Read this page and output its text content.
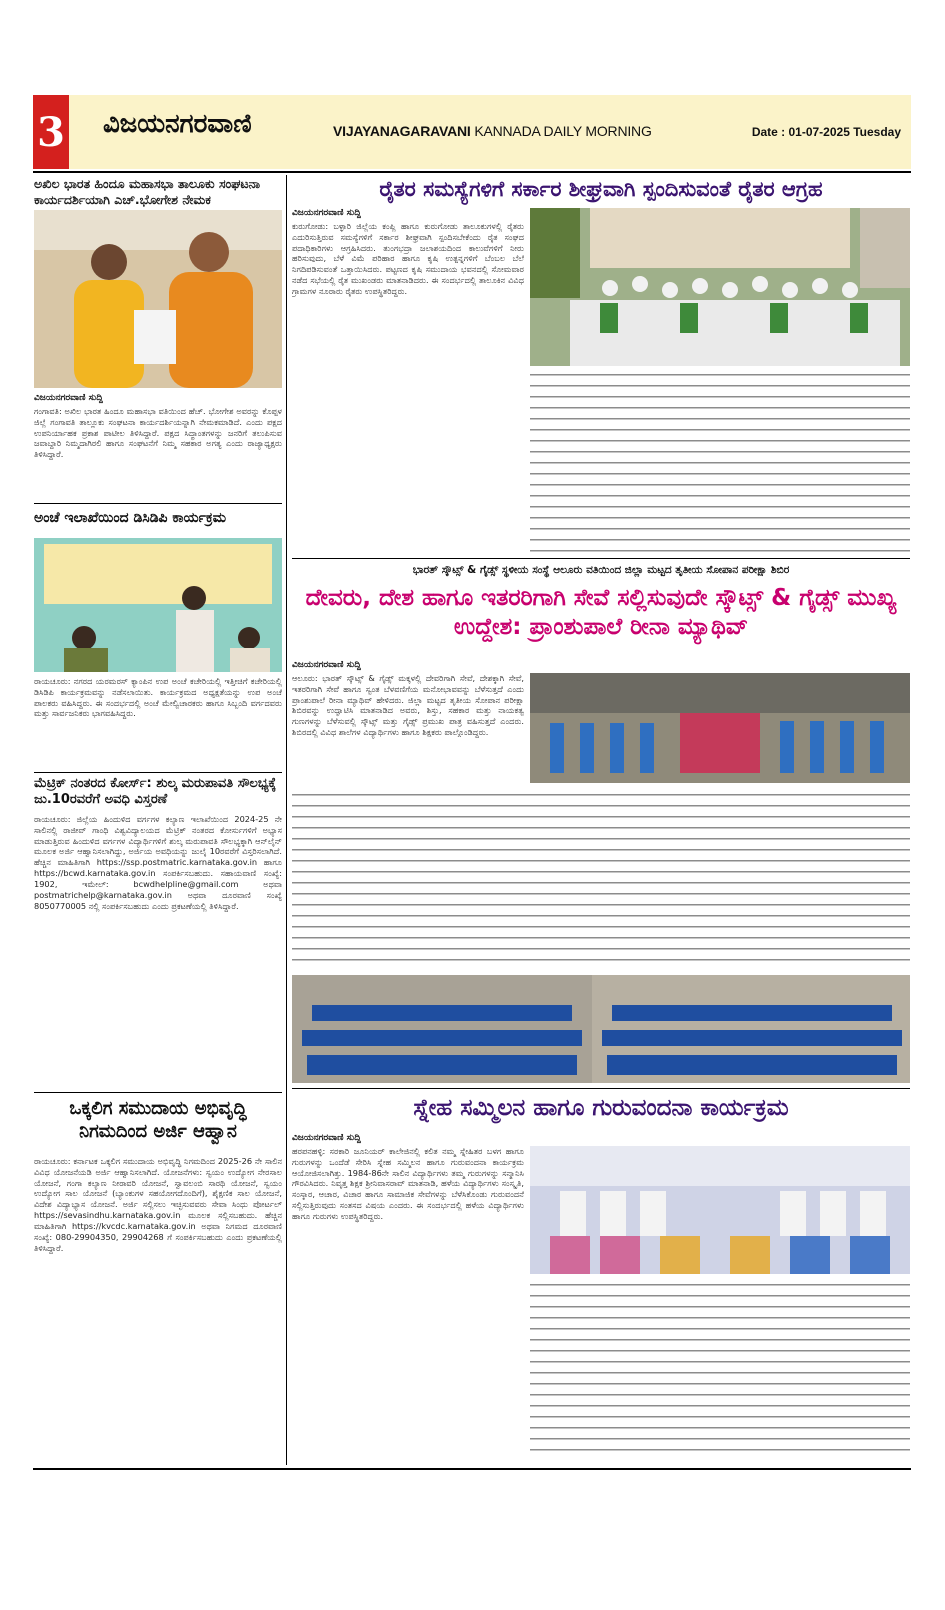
3 ವಿಜಯನಗರವಾಣಿ	VIJAYANAGARAVANI KANNADA DAILY MORNING	Date : 01-07-2025 Tuesday
ಅಖಿಲ ಭಾರತ ಹಿಂದೂ ಮಹಾಸಭಾ ತಾಲೂಕು ಸಂಘಟನಾ ಕಾರ್ಯದರ್ಶಿಯಾಗಿ ಎಚ್.ಭೋಗೇಶ ನೇಮಕ
ವಿಜಯನಗರವಾಣಿ ಸುದ್ದಿ
ಗಂಗಾವತಿ: ಅಖಿಲ ಭಾರತ ಹಿಂದೂ ಮಹಾಸಭಾ ವತಿಯಿಂದ ಹೆಚ್. ಭೋಗೇಶ ಅವರನ್ನು ಕೊಪ್ಪಳ ಜಿಲ್ಲೆ ಗಂಗಾವತಿ ತಾಲ್ಲೂಕು ಸಂಘಟನಾ ಕಾರ್ಯದರ್ಶಿಯನ್ನಾಗಿ ನೇಮಕಮಾಡಿದೆ. ಎಂದು ಪಕ್ಷದ ಉಪನಿರ್ಯಾಹಕ ಪ್ರಕಾಶ ಪಾಟೀಲ ತಿಳಿಸಿದ್ದಾರೆ. ಪಕ್ಷದ ಸಿದ್ಧಾಂತಗಳನ್ನು ಜನರಿಗೆ ತಲುಪಿಸುವ ಜವಾಬ್ದಾರಿ ನಿಮ್ಮದಾಗಿರಲಿ ಹಾಗೂ ಸಂಘಟನೆಗೆ ನಿಮ್ಮ ಸಹಕಾರ ಅಗತ್ಯ ಎಂದು ರಾಜ್ಯಾಧ್ಯಕ್ಷರು ತಿಳಿಸಿದ್ದಾರೆ.
ಅಂಚೆ ಇಲಾಖೆಯಿಂದ ಡಿಸಿಡಿಪಿ ಕಾರ್ಯಕ್ರಮ
ರಾಯಚೂರು: ನಗರದ ಯರಮರಸ್ ಕ್ಯಾಂಪಿನ ಉಪ ಅಂಚೆ ಕಚೇರಿಯಲ್ಲಿ ಇತ್ತೀಚಿಗೆ ಕಚೇರಿಯಲ್ಲಿ ಡಿಸಿಡಿಪಿ ಕಾರ್ಯಕ್ರಮವನ್ನು ನಡೆಸಲಾಯಿತು. ಕಾರ್ಯಕ್ರಮದ ಅಧ್ಯಕ್ಷತೆಯನ್ನು ಉಪ ಅಂಚೆ ಪಾಲಕರು ವಹಿಸಿದ್ದರು. ಈ ಸಂದರ್ಭದಲ್ಲಿ ಅಂಚೆ ಮೇಲ್ವಿಚಾರಕರು ಹಾಗೂ ಸಿಬ್ಬಂದಿ ವರ್ಗದವರು ಮತ್ತು ಸಾರ್ವಜನಿಕರು ಭಾಗವಹಿಸಿದ್ದರು.
ಮೆಟ್ರಿಕ್ ನಂತರದ ಕೋರ್ಸ್: ಶುಲ್ಕ ಮರುಪಾವತಿ ಸೌಲಭ್ಯಕ್ಕೆ ಜು.10ರವರೆಗೆ ಅವಧಿ ವಿಸ್ತರಣೆ
ರಾಯಚೂರು: ಜಿಲ್ಲೆಯ ಹಿಂದುಳಿದ ವರ್ಗಗಳ ಕಲ್ಯಾಣ ಇಲಾಖೆಯಿಂದ 2024-25 ನೇ ಸಾಲಿನಲ್ಲಿ ರಾಜೀವ್ ಗಾಂಧಿ ವಿಶ್ವವಿದ್ಯಾಲಯದ ಮೆಟ್ರಿಕ್ ನಂತರದ ಕೋರ್ಸುಗಳಿಗೆ ಅಭ್ಯಾಸ ಮಾಡುತ್ತಿರುವ ಹಿಂದುಳಿದ ವರ್ಗಗಳ ವಿದ್ಯಾರ್ಥಿಗಳಿಗೆ ಶುಲ್ಕ ಮರುಪಾವತಿ ಸೌಲಭ್ಯಕ್ಕಾಗಿ ಆನ್‌ಲೈನ್ ಮೂಲಕ ಅರ್ಜಿ ಆಹ್ವಾನಿಸಲಾಗಿದ್ದು, ಅರ್ಜಿಯ ಅವಧಿಯನ್ನು ಜುಲೈ 10ರವರೆಗೆ ವಿಸ್ತರಿಸಲಾಗಿದೆ. ಹೆಚ್ಚಿನ ಮಾಹಿತಿಗಾಗಿ https://ssp.postmatric.karnataka.gov.in ಹಾಗೂ https://bcwd.karnataka.gov.in ಸಂಪರ್ಕಿಸಬಹುದು. ಸಹಾಯವಾಣಿ ಸಂಖ್ಯೆ: 1902, ಇಮೇಲ್: bcwdhelpline@gmail.com ಅಥವಾ postmatrichelp@karnataka.gov.in ಅಥವಾ ದೂರವಾಣಿ ಸಂಖ್ಯೆ 8050770005 ನಲ್ಲಿ ಸಂಪರ್ಕಿಸಬಹುದು ಎಂದು ಪ್ರಕಟಣೆಯಲ್ಲಿ ತಿಳಿಸಿದ್ದಾರೆ.
ಒಕ್ಕಲಿಗ ಸಮುದಾಯ ಅಭಿವೃದ್ಧಿ ನಿಗಮದಿಂದ ಅರ್ಜಿ ಆಹ್ವಾನ
ರಾಯಚೂರು: ಕರ್ನಾಟಕ ಒಕ್ಕಲಿಗ ಸಮುದಾಯ ಅಭಿವೃದ್ಧಿ ನಿಗಮದಿಂದ 2025-26 ನೇ ಸಾಲಿನ ವಿವಿಧ ಯೋಜನೆಯಡಿ ಅರ್ಜಿ ಆಹ್ವಾನಿಸಲಾಗಿದೆ. ಯೋಜನೆಗಳು: ಸ್ವಯಂ ಉದ್ಯೋಗ ನೇರಸಾಲ ಯೋಜನೆ, ಗಂಗಾ ಕಲ್ಯಾಣ ನೀರಾವರಿ ಯೋಜನೆ, ಸ್ವಾವಲಂಬಿ ಸಾರಥಿ ಯೋಜನೆ, ಸ್ವಯಂ ಉದ್ಯೋಗ ಸಾಲ ಯೋಜನೆ (ಬ್ಯಾಂಕುಗಳ ಸಹಯೋಗದೊಂದಿಗೆ), ಶೈಕ್ಷಣಿಕ ಸಾಲ ಯೋಜನೆ, ವಿದೇಶ ವಿದ್ಯಾಭ್ಯಾಸ ಯೋಜನೆ. ಅರ್ಜಿ ಸಲ್ಲಿಸಲು ಇಚ್ಛಿಸುವವರು ಸೇವಾ ಸಿಂಧು ಪೋರ್ಟಲ್ https://sevasindhu.karnataka.gov.in ಮೂಲಕ ಸಲ್ಲಿಸಬಹುದು. ಹೆಚ್ಚಿನ ಮಾಹಿತಿಗಾಗಿ https://kvcdc.karnataka.gov.in ಅಥವಾ ನಿಗಮದ ದೂರವಾಣಿ ಸಂಖ್ಯೆ: 080-29904350, 29904268 ಗೆ ಸಂಪರ್ಕಿಸಬಹುದು ಎಂದು ಪ್ರಕಟಣೆಯಲ್ಲಿ ತಿಳಿಸಿದ್ದಾರೆ.
ರೈತರ ಸಮಸ್ಯೆಗಳಿಗೆ ಸರ್ಕಾರ ಶೀಘ್ರವಾಗಿ ಸ್ಪಂದಿಸುವಂತೆ ರೈತರ ಆಗ್ರಹ
ವಿಜಯನಗರವಾಣಿ ಸುದ್ದಿ
ಕುರುಗೋಡು: ಬಳ್ಳಾರಿ ಜಿಲ್ಲೆಯ ಕಂಪ್ಲಿ ಹಾಗೂ ಕುರುಗೋಡು ತಾಲೂಕುಗಳಲ್ಲಿ ರೈತರು ಎದುರಿಸುತ್ತಿರುವ ಸಮಸ್ಯೆಗಳಿಗೆ ಸರ್ಕಾರ ಶೀಘ್ರವಾಗಿ ಸ್ಪಂದಿಸಬೇಕೆಂದು ರೈತ ಸಂಘದ ಪದಾಧಿಕಾರಿಗಳು ಆಗ್ರಹಿಸಿದರು. ತುಂಗಭದ್ರಾ ಜಲಾಶಯದಿಂದ ಕಾಲುವೆಗಳಿಗೆ ನೀರು ಹರಿಸುವುದು, ಬೆಳೆ ವಿಮೆ ಪರಿಹಾರ ಹಾಗೂ ಕೃಷಿ ಉತ್ಪನ್ನಗಳಿಗೆ ಬೆಂಬಲ ಬೆಲೆ ನಿಗದಿಪಡಿಸುವಂತೆ ಒತ್ತಾಯಿಸಿದರು. ಪಟ್ಟಣದ ಕೃಷಿ ಸಮುದಾಯ ಭವನದಲ್ಲಿ ಸೋಮವಾರ ನಡೆದ ಸಭೆಯಲ್ಲಿ ರೈತ ಮುಖಂಡರು ಮಾತನಾಡಿದರು. ಈ ಸಂದರ್ಭದಲ್ಲಿ ತಾಲೂಕಿನ ವಿವಿಧ ಗ್ರಾಮಗಳ ನೂರಾರು ರೈತರು ಉಪಸ್ಥಿತರಿದ್ದರು.
ಭಾರತ್ ಸ್ಕೌಟ್ಸ್ & ಗೈಡ್ಸ್ ಸ್ಥಳೀಯ ಸಂಸ್ಥೆ ಆಲೂರು ವತಿಯಿಂದ ಜಿಲ್ಲಾ ಮಟ್ಟದ ತೃತೀಯ ಸೋಪಾನ ಪರೀಕ್ಷಾ ಶಿಬಿರ
ದೇವರು, ದೇಶ ಹಾಗೂ ಇತರರಿಗಾಗಿ ಸೇವೆ ಸಲ್ಲಿಸುವುದೇ ಸ್ಕೌಟ್ಸ್ & ಗೈಡ್ಸ್ ಮುಖ್ಯ ಉದ್ದೇಶ: ಪ್ರಾಂಶುಪಾಲೆ ರೀನಾ ಮ್ಯಾಥಿವ್
ವಿಜಯನಗರವಾಣಿ ಸುದ್ದಿ
ಆಲೂರು: ಭಾರತ್ ಸ್ಕೌಟ್ಸ್ & ಗೈಡ್ಸ್ ಮಕ್ಕಳಲ್ಲಿ ದೇವರಿಗಾಗಿ ಸೇವೆ, ದೇಶಕ್ಕಾಗಿ ಸೇವೆ, ಇತರರಿಗಾಗಿ ಸೇವೆ ಹಾಗೂ ಸ್ವಂತ ಬೆಳವಣಿಗೆಯ ಮನೋಭಾವವನ್ನು ಬೆಳೆಸುತ್ತದೆ ಎಂದು ಪ್ರಾಂಶುಪಾಲೆ ರೀನಾ ಮ್ಯಾಥಿವ್ ಹೇಳಿದರು. ಜಿಲ್ಲಾ ಮಟ್ಟದ ತೃತೀಯ ಸೋಪಾನ ಪರೀಕ್ಷಾ ಶಿಬಿರವನ್ನು ಉದ್ಘಾಟಿಸಿ ಮಾತನಾಡಿದ ಅವರು, ಶಿಸ್ತು, ಸಹಕಾರ ಮತ್ತು ನಾಯಕತ್ವ ಗುಣಗಳನ್ನು ಬೆಳೆಸುವಲ್ಲಿ ಸ್ಕೌಟ್ಸ್ ಮತ್ತು ಗೈಡ್ಸ್ ಪ್ರಮುಖ ಪಾತ್ರ ವಹಿಸುತ್ತದೆ ಎಂದರು. ಶಿಬಿರದಲ್ಲಿ ವಿವಿಧ ಶಾಲೆಗಳ ವಿದ್ಯಾರ್ಥಿಗಳು ಹಾಗೂ ಶಿಕ್ಷಕರು ಪಾಲ್ಗೊಂಡಿದ್ದರು.
ಸ್ನೇಹ ಸಮ್ಮಿಲನ ಹಾಗೂ ಗುರುವಂದನಾ ಕಾರ್ಯಕ್ರಮ
ವಿಜಯನಗರವಾಣಿ ಸುದ್ದಿ
ಹರಪನಹಳ್ಳಿ: ಸರಕಾರಿ ಜೂನಿಯರ್ ಕಾಲೇಜಿನಲ್ಲಿ ಕಲಿತ ನಮ್ಮ ಸ್ನೇಹಿತರ ಬಳಗ ಹಾಗೂ ಗುರುಗಳನ್ನು ಒಂದೆಡೆ ಸೇರಿಸಿ ಸ್ನೇಹ ಸಮ್ಮಿಲನ ಹಾಗೂ ಗುರುವಂದನಾ ಕಾರ್ಯಕ್ರಮ ಆಯೋಜಿಸಲಾಗಿತ್ತು. 1984-86ನೇ ಸಾಲಿನ ವಿದ್ಯಾರ್ಥಿಗಳು ತಮ್ಮ ಗುರುಗಳನ್ನು ಸನ್ಮಾನಿಸಿ ಗೌರವಿಸಿದರು. ನಿವೃತ್ತ ಶಿಕ್ಷಕ ಶ್ರೀನಿವಾಸರಾವ್ ಮಾತನಾಡಿ, ಹಳೆಯ ವಿದ್ಯಾರ್ಥಿಗಳು ಸಂಸ್ಕೃತಿ, ಸಂಸ್ಕಾರ, ಆಚಾರ, ವಿಚಾರ ಹಾಗೂ ಸಾಮಾಜಿಕ ಸೇವೆಗಳನ್ನು ಬೆಳೆಸಿಕೊಂಡು ಗುರುವಂದನೆ ಸಲ್ಲಿಸುತ್ತಿರುವುದು ಸಂತಸದ ವಿಷಯ ಎಂದರು. ಈ ಸಂದರ್ಭದಲ್ಲಿ ಹಳೆಯ ವಿದ್ಯಾರ್ಥಿಗಳು ಹಾಗೂ ಗುರುಗಳು ಉಪಸ್ಥಿತರಿದ್ದರು.
